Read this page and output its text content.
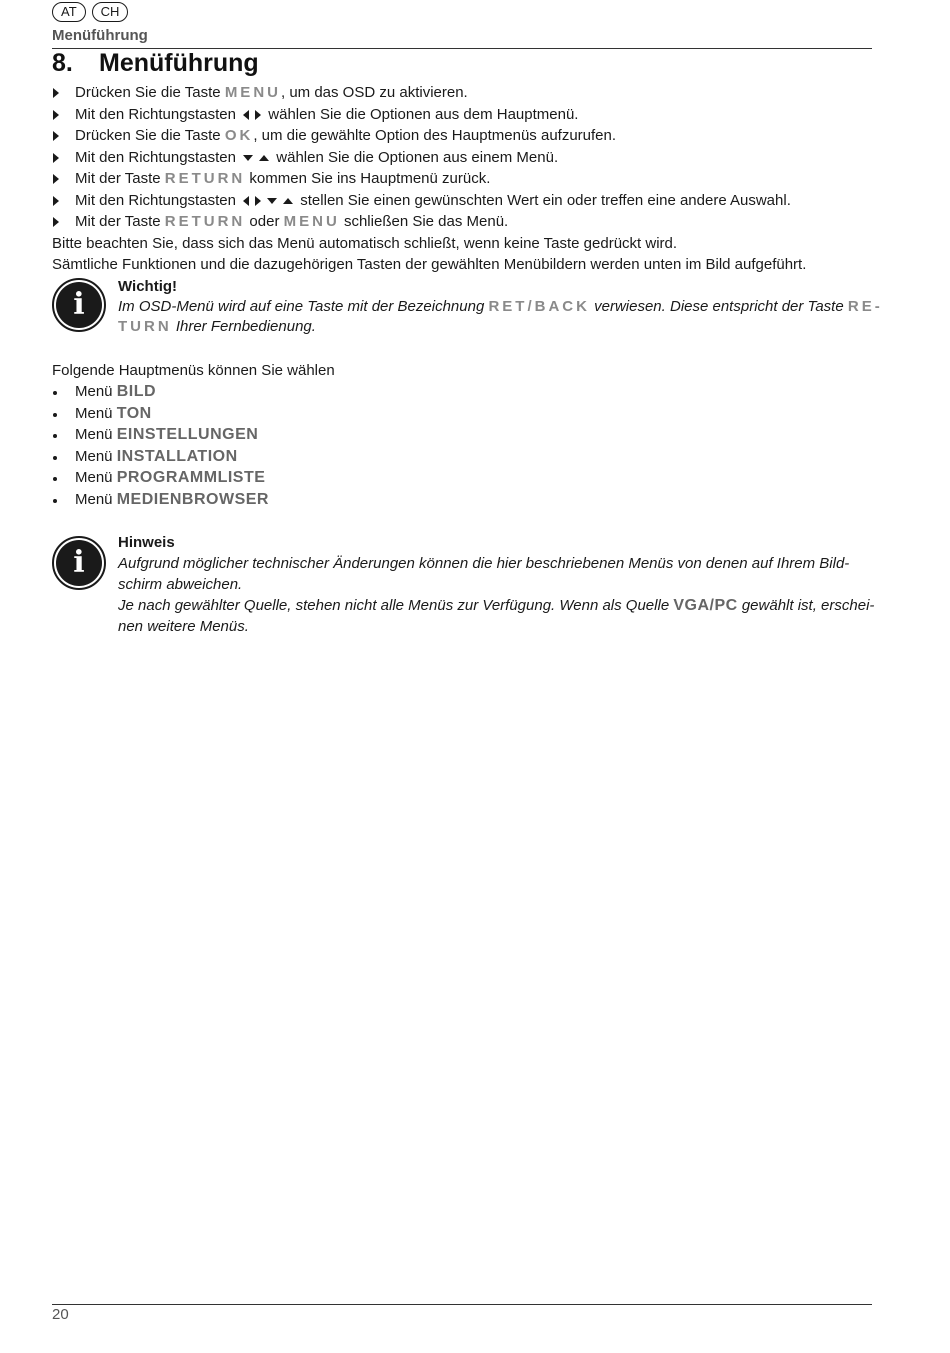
AT	CH
Menüführung
8. Menüführung
Drücken Sie die Taste MENU, um das OSD zu aktivieren.
Mit den Richtungstasten wählen Sie die Optionen aus dem Hauptmenü.
Drücken Sie die Taste OK, um die gewählte Option des Hauptmenüs aufzurufen.
Mit den Richtungstasten	wählen Sie die Optionen aus einem Menü.
Mit der Taste RETURN kommen Sie ins Hauptmenü zurück.
Mit den Richtungstasten	stellen Sie einen gewünschten Wert ein oder treffen eine andere Auswahl.
Mit der Taste RETURN oder MENU schließen Sie das Menü.
Bitte beachten Sie, dass sich das Menü automatisch schließt, wenn keine Taste gedrückt wird.
Sämtliche Funktionen und die dazugehörigen Tasten der gewählten Menübildern werden unten im Bild aufgeführt.
i
Wichtig!
Im OSD-Menü wird auf eine Taste mit der Bezeichnung RET/BACK verwiesen. Diese entspricht der Taste RE-
TURN Ihrer Fernbedienung.
Folgende Hauptmenüs können Sie wählen
Menü BILD
Menü TON
Menü EINSTELLUNGEN
Menü INSTALLATION
Menü PROGRAMMLISTE
Menü MEDIENBROWSER
i
Hinweis
Aufgrund möglicher technischer Änderungen können die hier beschriebenen Menüs von denen auf Ihrem Bild-
schirm abweichen.
Je nach gewählter Quelle, stehen nicht alle Menüs zur Verfügung. Wenn als Quelle VGA/PC gewählt ist, erschei-
nen weitere Menüs.
20
